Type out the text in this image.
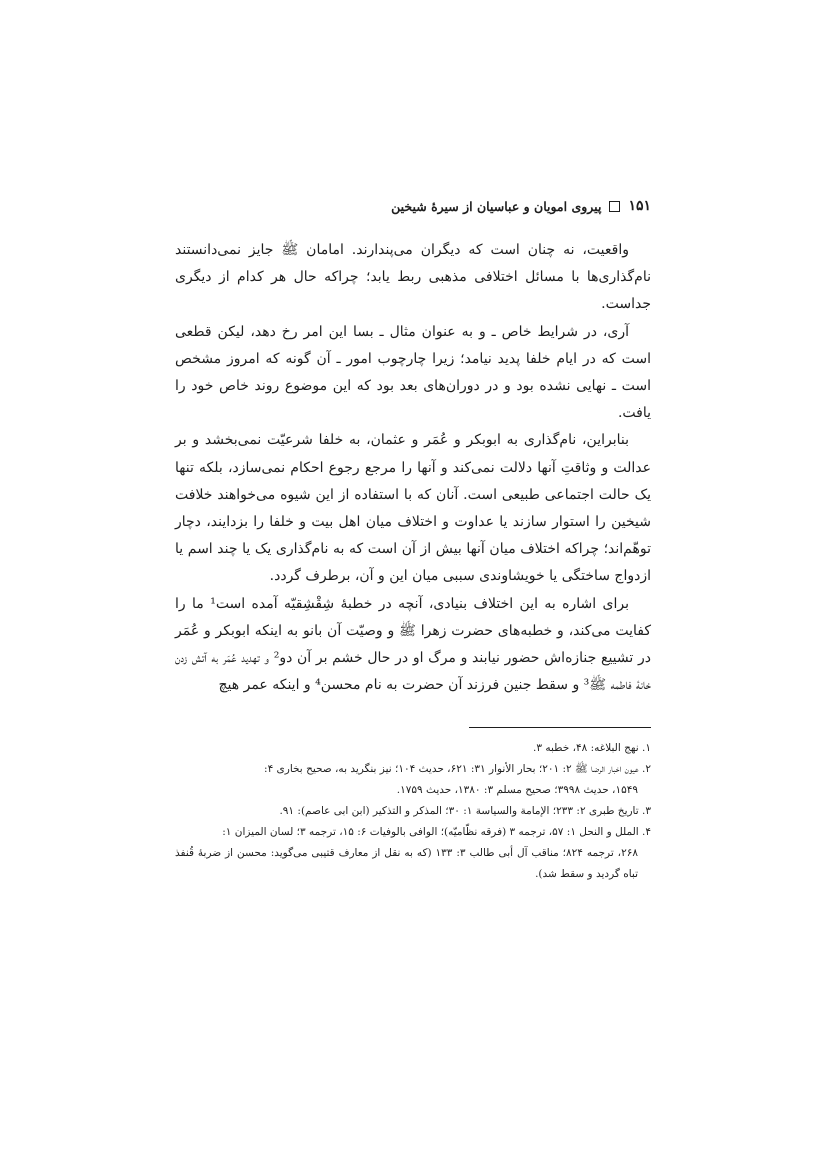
۱۵۱
پیروی امویان و عباسیان از سیرهٔ شیخین

واقعیت، نه چنان است که دیگران می‌پندارند. امامان ﷺ جایز نمی‌دانستند نام‌گذاری‌ها با مسائل اختلافی مذهبی ربط یابد؛ چراکه حال هر کدام از دیگری جداست.

آری، در شرایط خاص ـ و به عنوان مثال ـ بسا این امر رخ دهد، لیکن قطعی است که در ایام خلفا پدید نیامد؛ زیرا چارچوب امور ـ آن گونه که امروز مشخص است ـ نهایی نشده بود و در دوران‌های بعد بود که این موضوع روند خاص خود را یافت.

بنابراین، نام‌گذاری به ابوبکر و عُمَر و عثمان، به خلفا شرعیّت نمی‌بخشد و بر عدالت و وثاقتِ آنها دلالت نمی‌کند و آنها را مرجع رجوع احکام نمی‌سازد، بلکه تنها یک حالت اجتماعی طبیعی است. آنان که با استفاده از این شیوه می‌خواهند خلافت شیخین را استوار سازند یا عداوت و اختلاف میان اهل بیت و خلفا را بزدایند، دچار توهّم‌اند؛ چراکه اختلاف میان آنها بیش از آن است که به نام‌گذاری یک یا چند اسم یا ازدواج ساختگی یا خویشاوندی سببی میان این و آن، برطرف گردد.

برای اشاره به این اختلاف بنیادی، آنچه در خطبهٔ شِقْشِقیّه آمده است¹ ما را کفایت می‌کند، و خطبه‌های حضرت زهرا ﷺ و وصیّت آن بانو به اینکه ابوبکر و عُمَر در تشییع جنازه‌اش حضور نیابند و مرگ او در حال خشم بر آن دو² و تهدید عُمَر به آتش زدن خانهٔ فاطمه ﷺ³ و سقط جنین فرزند آن حضرت به نام محسن⁴ و اینکه عمر هیچ

۱. نهج البلاغه: ۴۸، خطبه ۳.
۲. عیون اخبار الرضا ﷺ ۲: ۲۰۱؛ بحار الأنوار ۳۱: ۶۲۱، حدیث ۱۰۴؛ نیز بنگرید به، صحیح بخاری ۴:
۱۵۴۹، حدیث ۳۹۹۸؛ صحیح مسلم ۳: ۱۳۸۰، حدیث ۱۷۵۹.
۳. تاریخ طبری ۲: ۲۳۳؛ الإمامة والسیاسة ۱: ۳۰؛ المذکر و التذکیر (ابن ابی عاصم): ۹۱.
۴. الملل و النحل ۱: ۵۷، ترجمه ۳ (فرقه نظّامیّه)؛ الوافی بالوفیات ۶: ۱۵، ترجمه ۳؛ لسان المیزان ۱:
۲۶۸، ترجمه ۸۲۴؛ مناقب آل أبی طالب ۳: ۱۳۳ (که به نقل از معارف قتیبی می‌گوید: محسن از ضربهٔ قُنفذ تباه گردید و سقط شد).
